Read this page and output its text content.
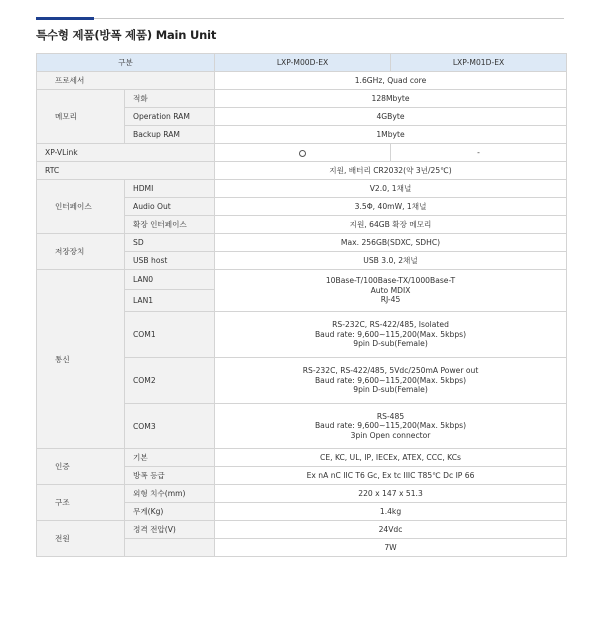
특수형 제품(방폭 제품) Main Unit
구분		LXP-M00D-EX	LXP-M01D-EX
프로세서		1.6GHz, Quad core	
메모리	적화	128Mbyte	
	Operation RAM	4GByte	
	Backup RAM	1Mbyte	
XP-VLink			-
RTC		지원, 배터리 CR2032(약 3년/25℃)	
인터페이스	HDMI	V2.0, 1채널	
	Audio Out	3.5Φ, 40mW, 1채널	
	확장 인터페이스	지원, 64GB 확장 메모리	
저장장치	SD	Max. 256GB(SDXC, SDHC)	
	USB host	USB 3.0, 2채널	
통신	LAN0	10Base-T/100Base-TX/1000Base-T
Auto MDIX
RJ-45	

	LAN1		
	COM1	RS-232C, RS-422/485, Isolated
Baud rate: 9,600~115,200(Max. 5kbps)
9pin D-sub(Female)	

	COM2	RS-232C, RS-422/485, 5Vdc/250mA Power out
Baud rate: 9,600~115,200(Max. 5kbps)
9pin D-sub(Female)	

	COM3	RS-485
Baud rate: 9,600~115,200(Max. 5kbps)
3pin Open connector	

인증	기본	CE, KC, UL, IP, IECEx, ATEX, CCC, KCs	
	방폭 등급	Ex nA nC IIC T6 Gc, Ex tc IIIC T85℃ Dc IP 66	
구조	외형 치수(mm)	220 x 147 x 51.3	
	무게(Kg)	1.4kg	
전원	정격 전압(V)	24Vdc	
		7W	
